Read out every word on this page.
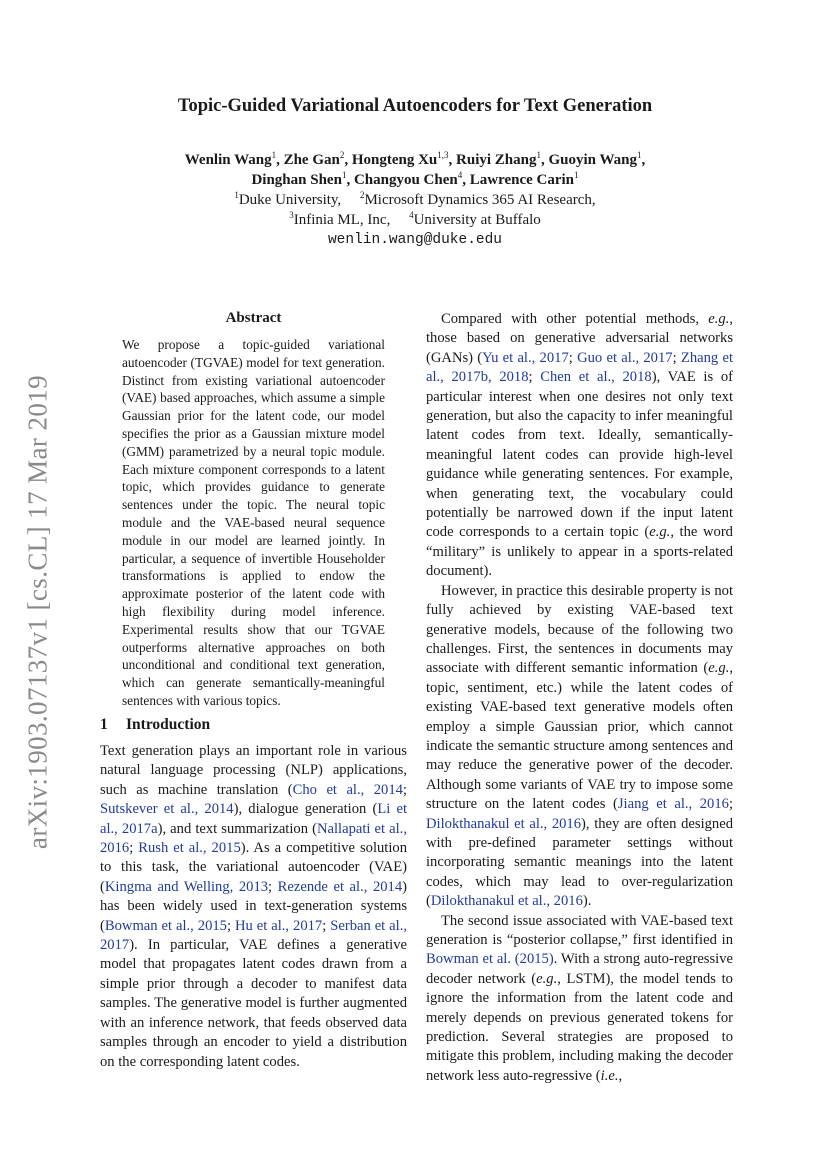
arXiv:1903.07137v1 [cs.CL] 17 Mar 2019
Topic-Guided Variational Autoencoders for Text Generation
Wenlin Wang$^1$, Zhe Gan$^2$, Hongteng Xu$^{1,3}$, Ruiyi Zhang$^1$, Guoyin Wang$^1$,
Dinghan Shen$^1$, Changyou Chen$^4$, Lawrence Carin$^1$
$^1$Duke University, $^2$Microsoft Dynamics 365 AI Research,
$^3$Infinia ML, Inc, $^4$University at Buffalo
wenlin.wang@duke.edu
Abstract
We propose a topic-guided variational autoencoder (TGVAE) model for text generation. Distinct from existing variational autoencoder (VAE) based approaches, which assume a simple Gaussian prior for the latent code, our model specifies the prior as a Gaussian mixture model (GMM) parametrized by a neural topic module. Each mixture component corresponds to a latent topic, which provides guidance to generate sentences under the topic. The neural topic module and the VAE-based neural sequence module in our model are learned jointly. In particular, a sequence of invertible Householder transformations is applied to endow the approximate posterior of the latent code with high flexibility during model inference. Experimental results show that our TGVAE outperforms alternative approaches on both unconditional and conditional text generation, which can generate semantically-meaningful sentences with various topics.
1 Introduction

Text generation plays an important role in various natural language processing (NLP) applications, such as machine translation (Cho et al., 2014; Sutskever et al., 2014), dialogue generation (Li et al., 2017a), and text summarization (Nallapati et al., 2016; Rush et al., 2015). As a competitive solution to this task, the variational autoencoder (VAE) (Kingma and Welling, 2013; Rezende et al., 2014) has been widely used in text-generation systems (Bowman et al., 2015; Hu et al., 2017; Serban et al., 2017). In particular, VAE defines a generative model that propagates latent codes drawn from a simple prior through a decoder to manifest data samples. The generative model is further augmented with an inference network, that feeds observed data samples through an encoder to yield a distribution on the corresponding latent codes.

Compared with other potential methods, e.g., those based on generative adversarial networks (GANs) (Yu et al., 2017; Guo et al., 2017; Zhang et al., 2017b, 2018; Chen et al., 2018), VAE is of particular interest when one desires not only text generation, but also the capacity to infer meaningful latent codes from text. Ideally, semantically-meaningful latent codes can provide high-level guidance while generating sentences. For example, when generating text, the vocabulary could potentially be narrowed down if the input latent code corresponds to a certain topic (e.g., the word “military” is unlikely to appear in a sports-related document).

However, in practice this desirable property is not fully achieved by existing VAE-based text generative models, because of the following two challenges. First, the sentences in documents may associate with different semantic information (e.g., topic, sentiment, etc.) while the latent codes of existing VAE-based text generative models often employ a simple Gaussian prior, which cannot indicate the semantic structure among sentences and may reduce the generative power of the decoder. Although some variants of VAE try to impose some structure on the latent codes (Jiang et al., 2016; Dilokthanakul et al., 2016), they are often designed with pre-defined parameter settings without incorporating semantic meanings into the latent codes, which may lead to over-regularization (Dilokthanakul et al., 2016).

The second issue associated with VAE-based text generation is “posterior collapse,” first identified in Bowman et al. (2015). With a strong auto-regressive decoder network (e.g., LSTM), the model tends to ignore the information from the latent code and merely depends on previous generated tokens for prediction. Several strategies are proposed to mitigate this problem, including making the decoder network less auto-regressive (i.e.,
